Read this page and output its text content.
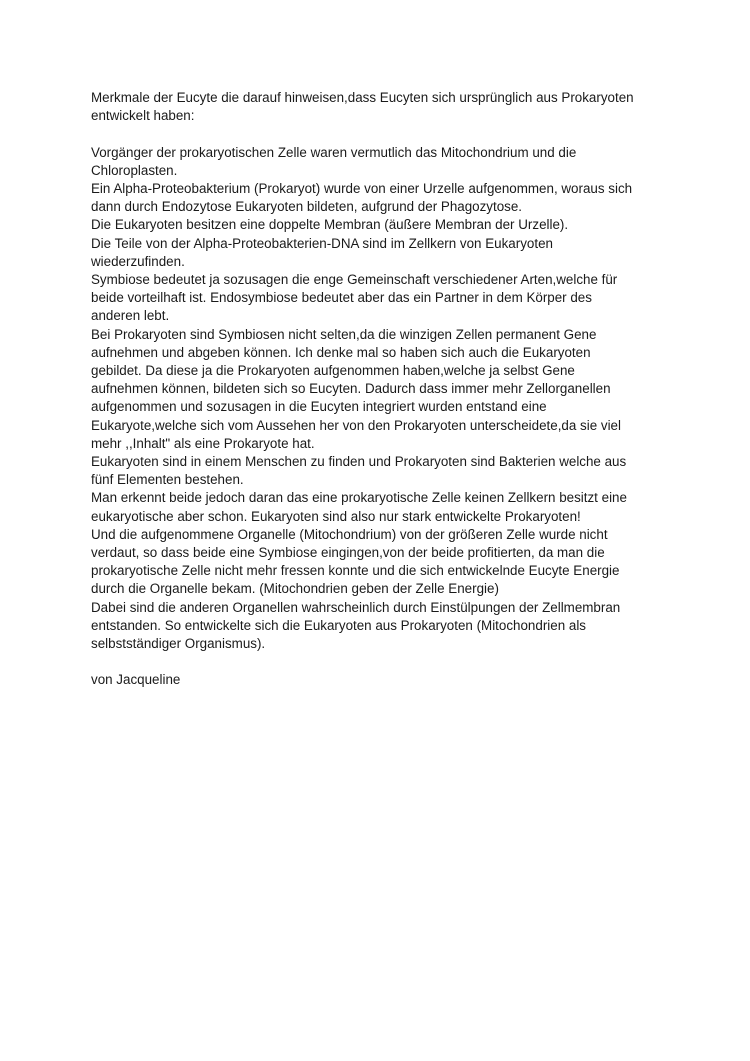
Merkmale der Eucyte die darauf hinweisen,dass Eucyten sich ursprünglich aus Prokaryoten
entwickelt haben:

Vorgänger der prokaryotischen Zelle waren vermutlich das Mitochondrium und die
Chloroplasten.
Ein Alpha-Proteobakterium (Prokaryot) wurde von einer Urzelle aufgenommen, woraus sich
dann durch Endozytose Eukaryoten bildeten, aufgrund der Phagozytose.
Die Eukaryoten besitzen eine doppelte Membran (äußere Membran der Urzelle).
Die Teile von der Alpha-Proteobakterien-DNA sind im Zellkern von Eukaryoten
wiederzufinden.
Symbiose bedeutet ja sozusagen die enge Gemeinschaft verschiedener Arten,welche für
beide vorteilhaft ist. Endosymbiose bedeutet aber das ein Partner in dem Körper des
anderen lebt.
Bei Prokaryoten sind Symbiosen nicht selten,da die winzigen Zellen permanent Gene
aufnehmen und abgeben können. Ich denke mal so haben sich auch die Eukaryoten
gebildet. Da diese ja die Prokaryoten aufgenommen haben,welche ja selbst Gene
aufnehmen können, bildeten sich so Eucyten. Dadurch dass immer mehr Zellorganellen
aufgenommen und sozusagen in die Eucyten integriert wurden entstand eine
Eukaryote,welche sich vom Aussehen her von den Prokaryoten unterscheidete,da sie viel
mehr ,,Inhalt" als eine Prokaryote hat.
Eukaryoten sind in einem Menschen zu finden und Prokaryoten sind Bakterien welche aus
fünf Elementen bestehen.
Man erkennt beide jedoch daran das eine prokaryotische Zelle keinen Zellkern besitzt eine
eukaryotische aber schon. Eukaryoten sind also nur stark entwickelte Prokaryoten!
Und die aufgenommene Organelle (Mitochondrium) von der größeren Zelle wurde nicht
verdaut, so dass beide eine Symbiose eingingen,von der beide profitierten, da man die
prokaryotische Zelle nicht mehr fressen konnte und die sich entwickelnde Eucyte Energie
durch die Organelle bekam. (Mitochondrien geben der Zelle Energie)
Dabei sind die anderen Organellen wahrscheinlich durch Einstülpungen der Zellmembran
entstanden. So entwickelte sich die Eukaryoten aus Prokaryoten (Mitochondrien als
selbstständiger Organismus).

von Jacqueline
